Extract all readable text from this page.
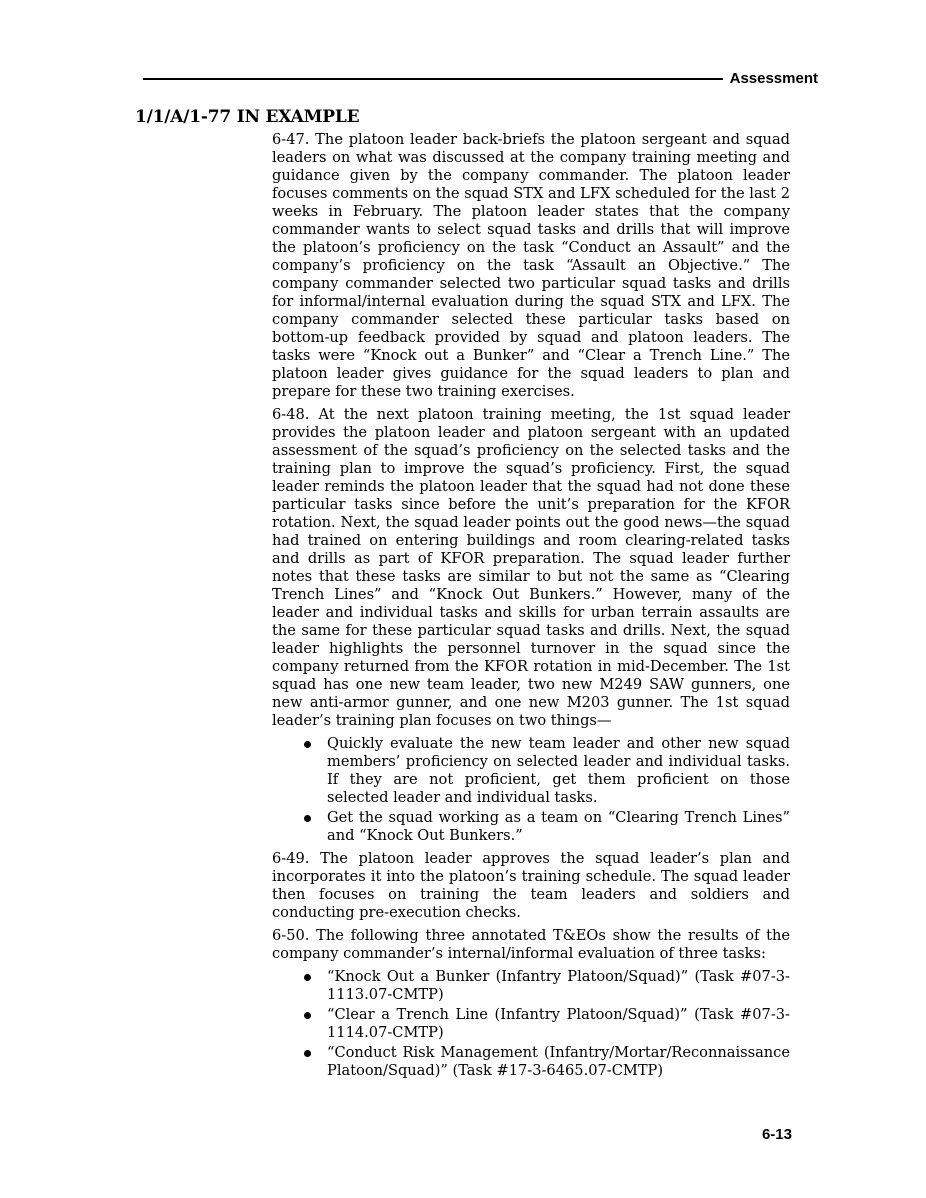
Assessment
1/1/A/1-77 IN EXAMPLE

6-47. The platoon leader back-briefs the platoon sergeant and squad leaders on what was discussed at the company training meeting and guidance given by the company commander. The platoon leader focuses comments on the squad STX and LFX scheduled for the last 2 weeks in February. The platoon leader states that the company commander wants to select squad tasks and drills that will improve the platoon’s proficiency on the task “Conduct an Assault” and the company’s proficiency on the task “Assault an Objective.” The company commander selected two particular squad tasks and drills for informal/internal evaluation during the squad STX and LFX. The company commander selected these particular tasks based on bottom-up feedback provided by squad and platoon leaders. The tasks were “Knock out a Bunker” and “Clear a Trench Line.” The platoon leader gives guidance for the squad leaders to plan and prepare for these two training exercises.

6-48. At the next platoon training meeting, the 1st squad leader provides the platoon leader and platoon sergeant with an updated assessment of the squad’s proficiency on the selected tasks and the training plan to improve the squad’s proficiency. First, the squad leader reminds the platoon leader that the squad had not done these particular tasks since before the unit’s preparation for the KFOR rotation. Next, the squad leader points out the good news—the squad had trained on entering buildings and room clearing-related tasks and drills as part of KFOR preparation. The squad leader further notes that these tasks are similar to but not the same as “Clearing Trench Lines” and “Knock Out Bunkers.” However, many of the leader and individual tasks and skills for urban terrain assaults are the same for these particular squad tasks and drills. Next, the squad leader highlights the personnel turnover in the squad since the company returned from the KFOR rotation in mid-December. The 1st squad has one new team leader, two new M249 SAW gunners, one new anti-armor gunner, and one new M203 gunner. The 1st squad leader’s training plan focuses on two things—

Quickly evaluate the new team leader and other new squad members’ proficiency on selected leader and individual tasks. If they are not proficient, get them proficient on those selected leader and individual tasks.
Get the squad working as a team on “Clearing Trench Lines” and “Knock Out Bunkers.”

6-49. The platoon leader approves the squad leader’s plan and incorporates it into the platoon’s training schedule. The squad leader then focuses on training the team leaders and soldiers and conducting pre-execution checks.

6-50. The following three annotated T&EOs show the results of the company commander’s internal/informal evaluation of three tasks:

“Knock Out a Bunker (Infantry Platoon/Squad)” (Task #07-3-1113.07-CMTP)
“Clear a Trench Line (Infantry Platoon/Squad)” (Task #07-3-1114.07-CMTP)
“Conduct Risk Management (Infantry/Mortar/Reconnaissance Platoon/Squad)” (Task #17-3-6465.07-CMTP)
6-13
